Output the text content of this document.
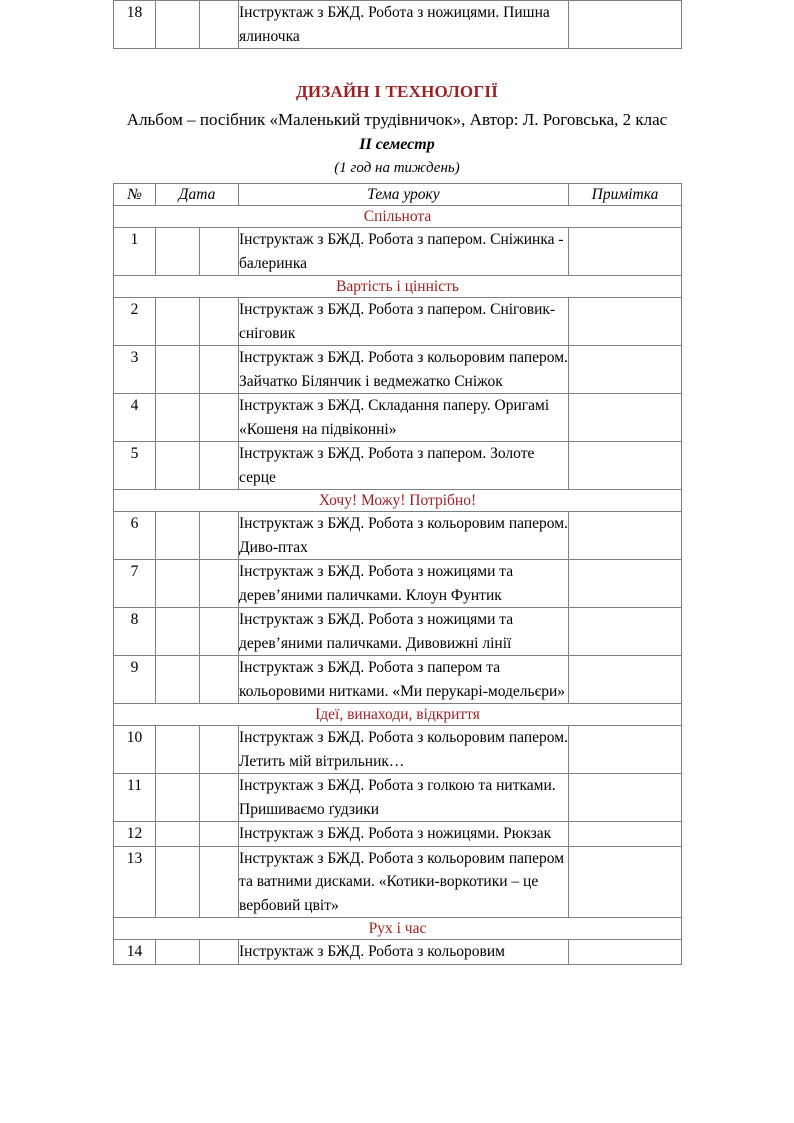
18			Інструктаж з БЖД. Робота з ножицями. Пишна ялиночка	
ДИЗАЙН І ТЕХНОЛОГІЇ
Альбом – посібник «Маленький трудівничок», Автор: Л. Роговська, 2 клас
II семестр
(1 год на тиждень)
№	Дата		Тема уроку	Примітка
Спільнота				
1			Інструктаж з БЖД. Робота з папером. Сніжинка - балеринка	
Вартість і цінність				
2			Інструктаж з БЖД. Робота з папером. Сніговик-сніговик	
3			Інструктаж з БЖД. Робота з кольоровим папером. Зайчатко Білянчик і ведмежатко Сніжок	
4			Інструктаж з БЖД. Складання паперу. Оригамі «Кошеня на підвіконні»	
5			Інструктаж з БЖД. Робота з папером. Золоте серце	
Хочу! Можу! Потрібно!				
6			Інструктаж з БЖД. Робота з кольоровим папером. Диво-птах	
7			Інструктаж з БЖД. Робота з ножицями та дерев’яними паличками. Клоун Фунтик	
8			Інструктаж з БЖД. Робота з ножицями та дерев’яними паличками. Дивовижні лінії	
9			Інструктаж з БЖД. Робота з папером та кольоровими нитками. «Ми перукарі-модельєри»	
Ідеї, винаходи, відкриття				
10			Інструктаж з БЖД. Робота з кольоровим папером. Летить мій вітрильник…	
11			Інструктаж з БЖД. Робота з голкою та нитками. Пришиваємо ґудзики	
12			Інструктаж з БЖД. Робота з ножицями. Рюкзак	
13			Інструктаж з БЖД. Робота з кольоровим папером та ватними дисками. «Котики-воркотики – це вербовий цвіт»	
Рух і час				
14			Інструктаж з БЖД. Робота з кольоровим	
